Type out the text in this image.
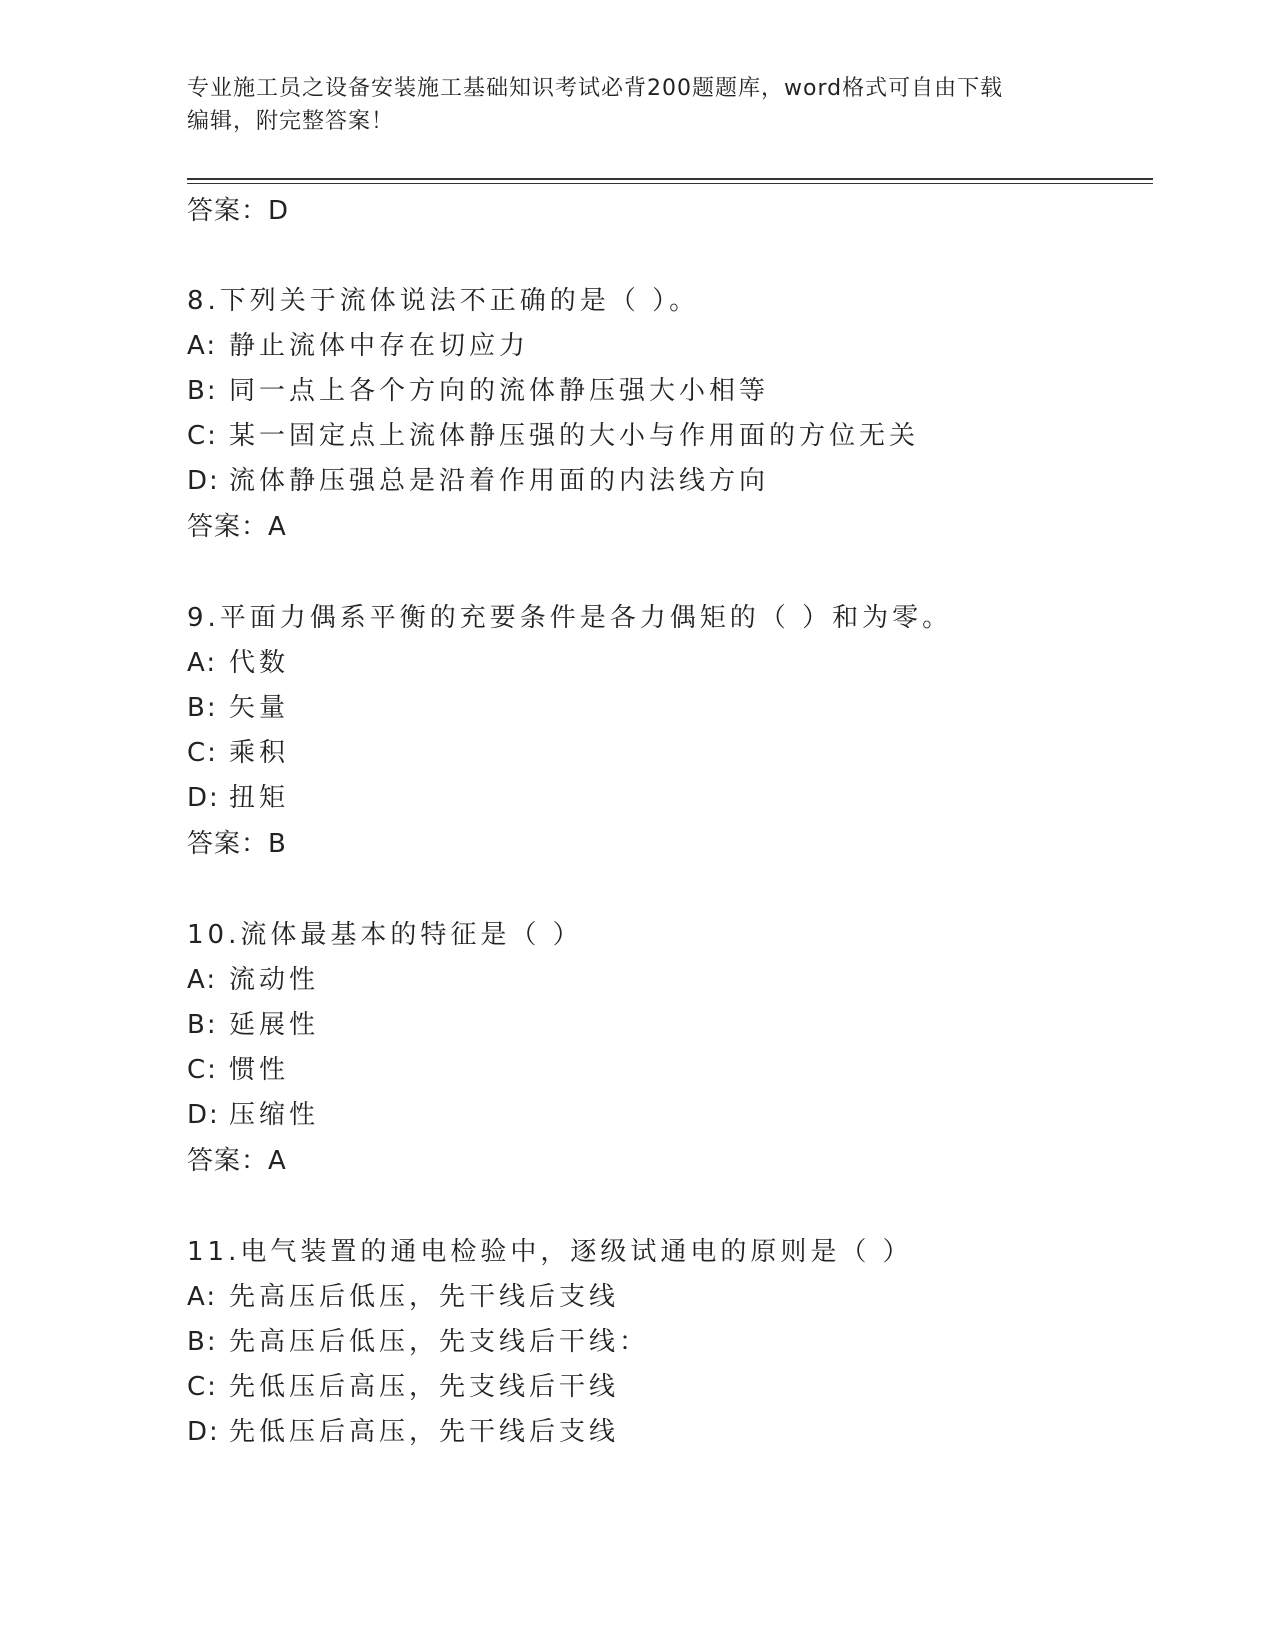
专业施工员之设备安装施工基础知识考试必背200题题库，word格式可自由下载
编辑，附完整答案！
答案：D
8.下列关于流体说法不正确的是（ ）。
A: 静止流体中存在切应力
B: 同一点上各个方向的流体静压强大小相等
C: 某一固定点上流体静压强的大小与作用面的方位无关
D: 流体静压强总是沿着作用面的内法线方向
答案：A
9.平面力偶系平衡的充要条件是各力偶矩的（ ）和为零。
A: 代数
B: 矢量
C: 乘积
D: 扭矩
答案：B
10.流体最基本的特征是（ ）
A: 流动性
B: 延展性
C: 惯性
D: 压缩性
答案：A
11.电气装置的通电检验中，逐级试通电的原则是（ ）
A: 先高压后低压，先干线后支线
B: 先高压后低压，先支线后干线：
C: 先低压后高压，先支线后干线
D: 先低压后高压，先干线后支线
